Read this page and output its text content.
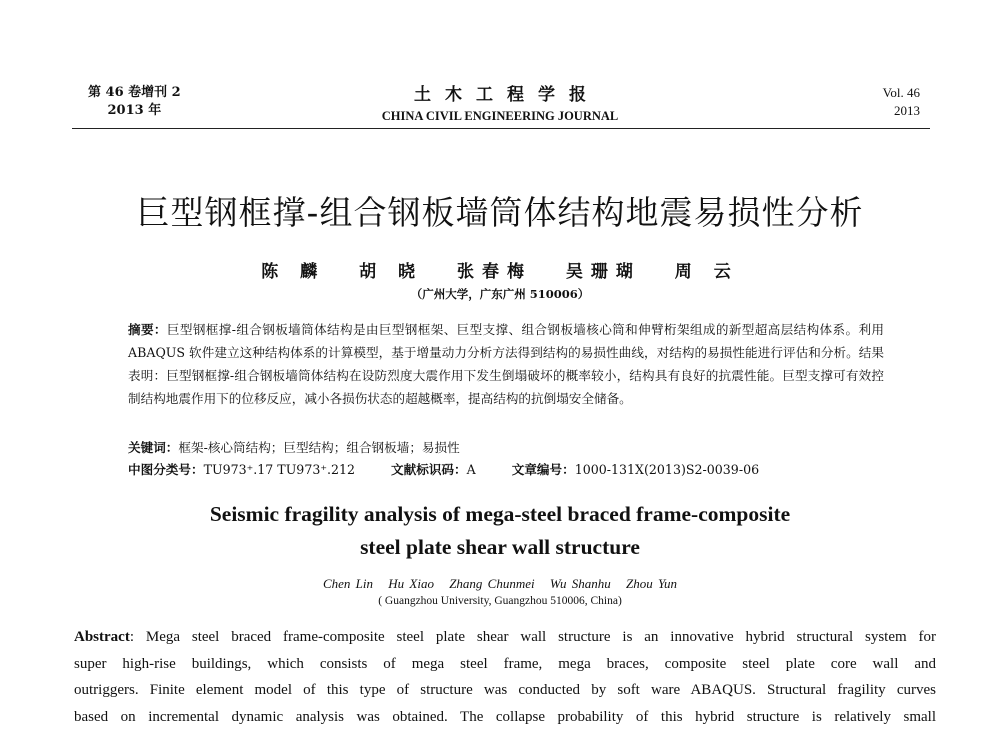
第 46 卷增刊 2
2013 年
土木工程学报
CHINA CIVIL ENGINEERING JOURNAL
Vol. 46
2013
巨型钢框撑-组合钢板墙筒体结构地震易损性分析
陈 麟 胡 晓 张春梅 吴珊瑚 周 云
（广州大学，广东广州 510006）
摘要：巨型钢框撑-组合钢板墙筒体结构是由巨型钢框架、巨型支撑、组合钢板墙核心筒和伸臂桁架组成的新型超高层结构体系。利用 ABAQUS 软件建立这种结构体系的计算模型，基于增量动力分析方法得到结构的易损性曲线，对结构的易损性能进行评估和分析。结果表明：巨型钢框撑-组合钢板墙筒体结构在设防烈度大震作用下发生倒塌破坏的概率较小，结构具有良好的抗震性能。巨型支撑可有效控制结构地震作用下的位移反应，减小各损伤状态的超越概率，提高结构的抗倒塌安全储备。
关键词：框架-核心筒结构；巨型结构；组合钢板墙；易损性
中图分类号：TU973⁺.17 TU973⁺.212	文献标识码：A	文章编号：1000-131X(2013)S2-0039-06
Seismic fragility analysis of mega-steel braced frame-composite
steel plate shear wall structure
Chen Lin Hu Xiao Zhang Chunmei Wu Shanhu Zhou Yun
( Guangzhou University, Guangzhou 510006, China)
Abstract: Mega steel braced frame-composite steel plate shear wall structure is an innovative hybrid structural system for
super high-rise buildings, which consists of mega steel frame, mega braces, composite steel plate core wall and
outriggers. Finite element model of this type of structure was conducted by soft ware ABAQUS. Structural fragility curves
based on incremental dynamic analysis was obtained. The collapse probability of this hybrid structure is relatively small
